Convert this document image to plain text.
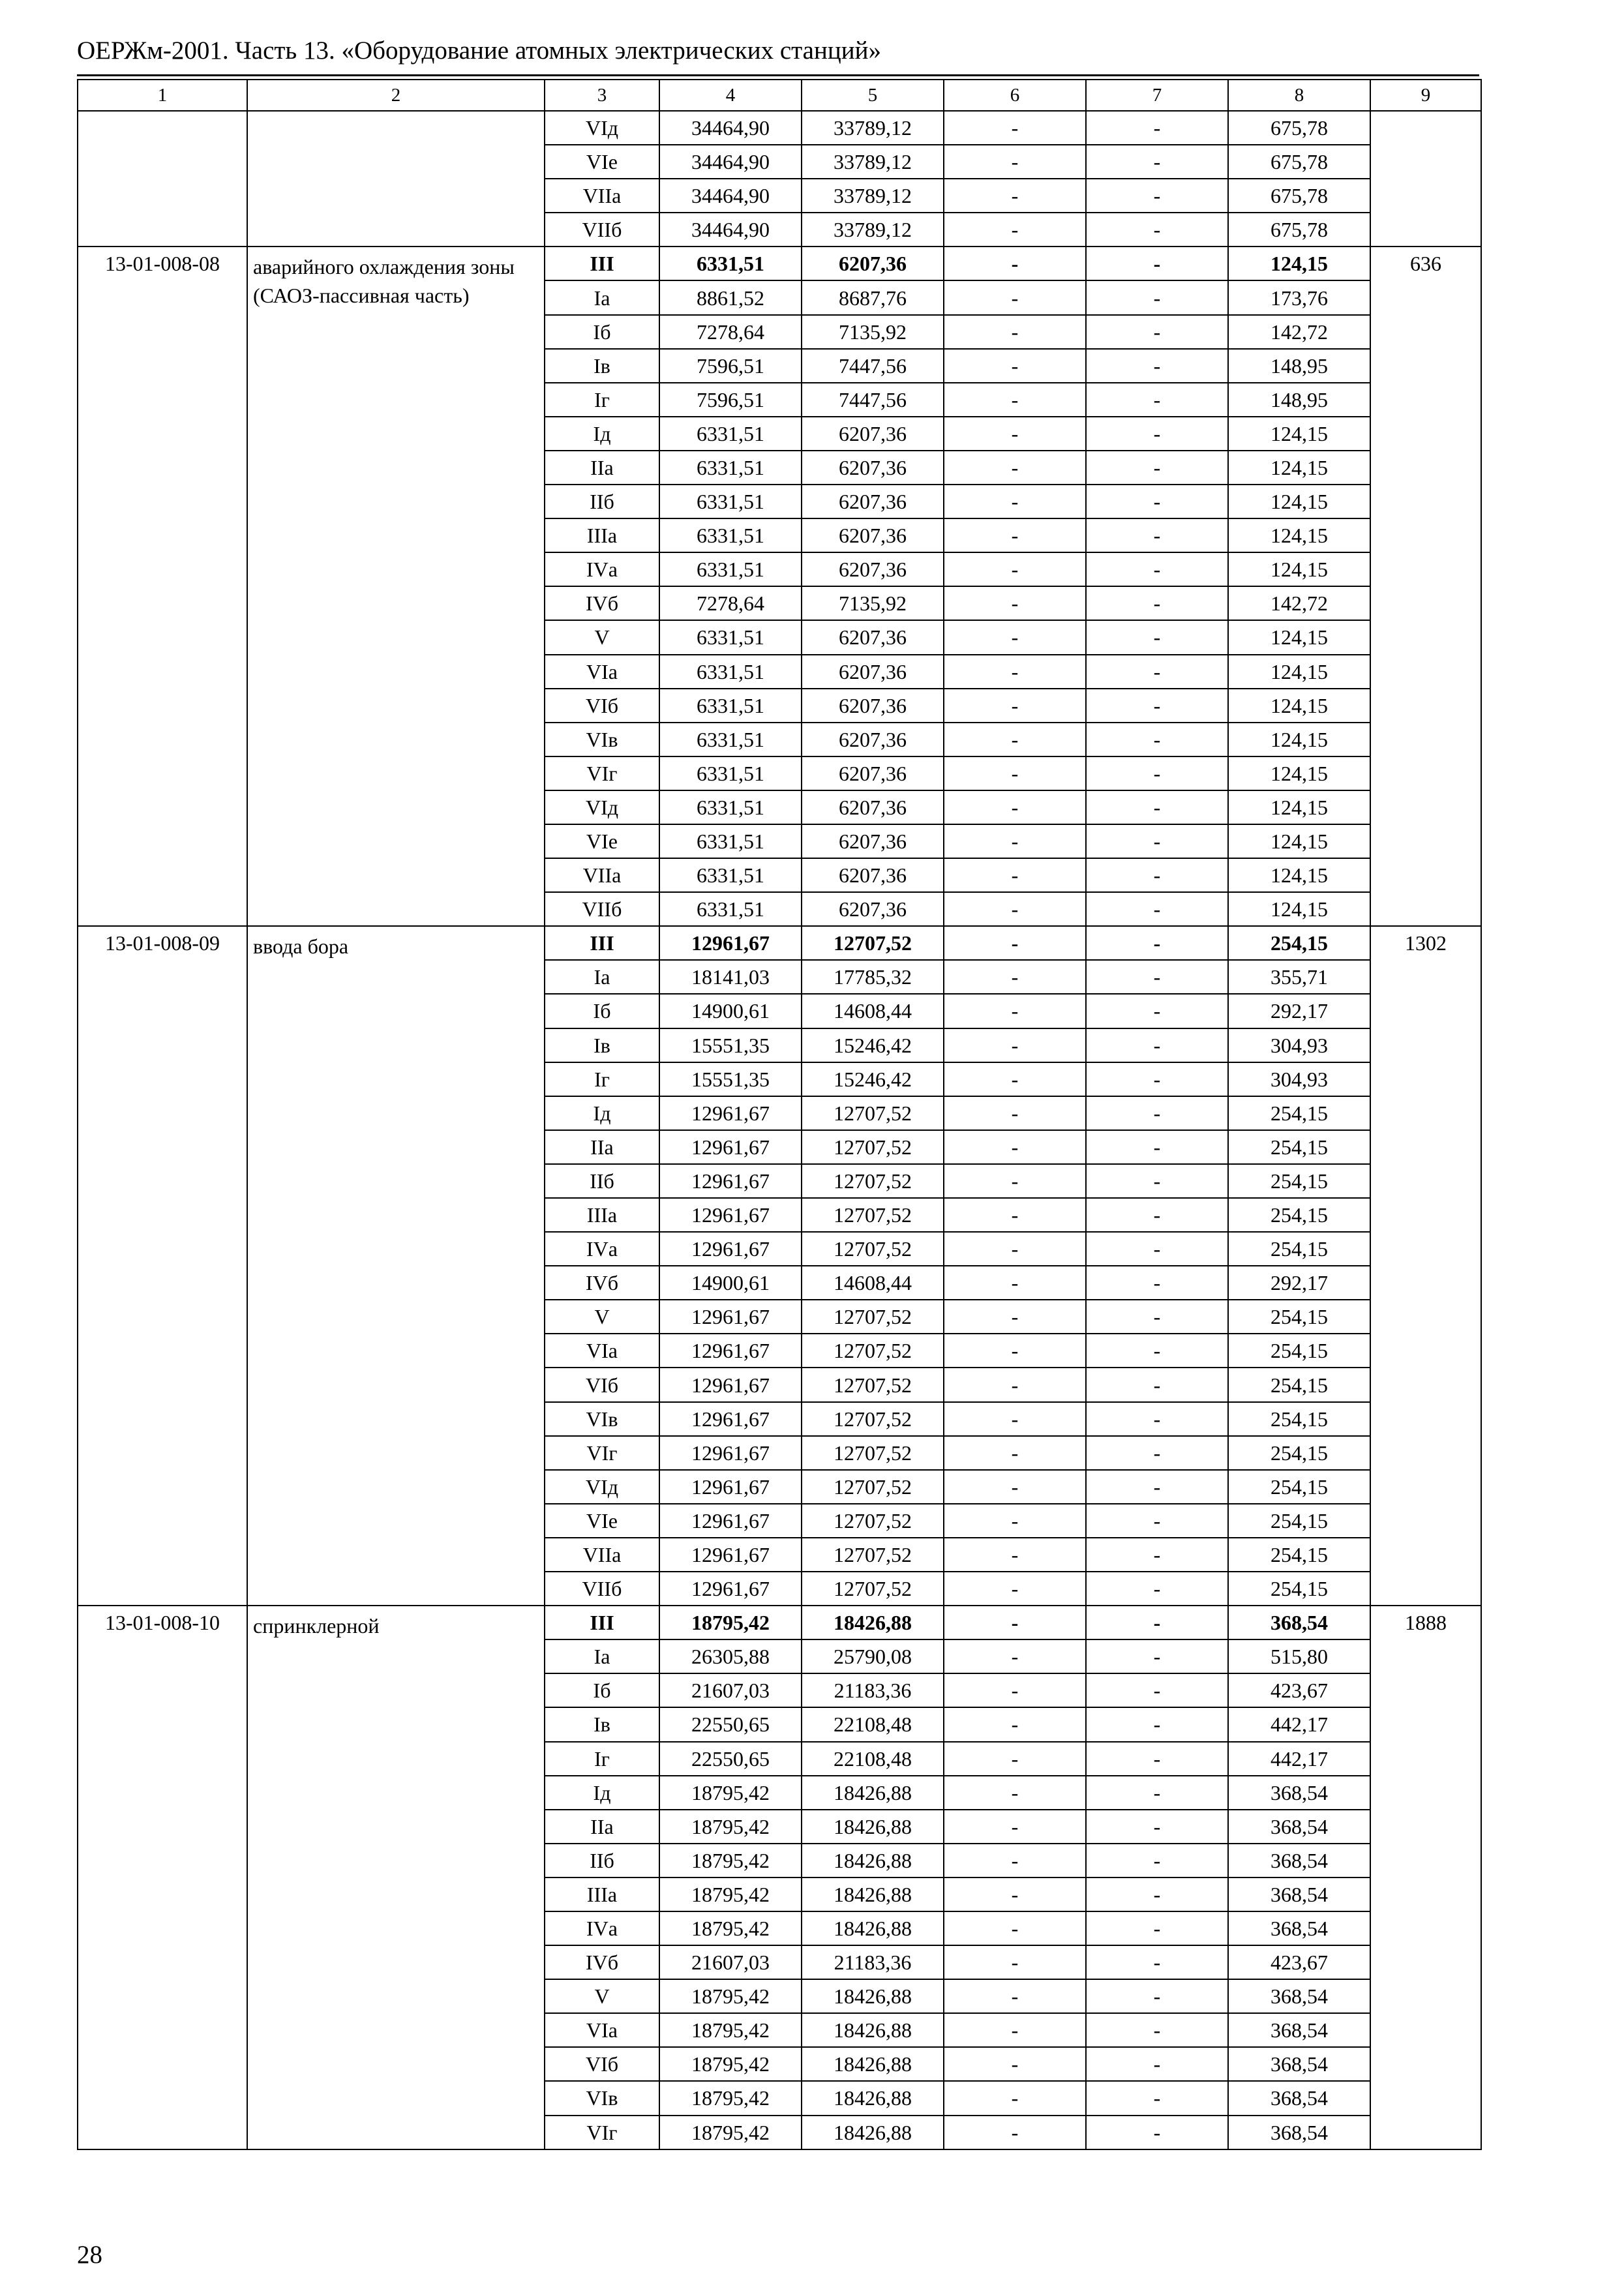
ОЕРЖм-2001. Часть 13. «Оборудование атомных электрических станций»
1	2	3	4	5	6	7	8	9
		VIд	34464,90	33789,12	-	-	675,78	
		VIе	34464,90	33789,12	-	-	675,78	
		VIIа	34464,90	33789,12	-	-	675,78	
		VIIб	34464,90	33789,12	-	-	675,78	
13-01-008-08	аварийного охлаждения зоны (САОЗ-пассивная часть)	III	6331,51	6207,36	-	-	124,15	636
		Iа	8861,52	8687,76	-	-	173,76	
		Iб	7278,64	7135,92	-	-	142,72	
		Iв	7596,51	7447,56	-	-	148,95	
		Iг	7596,51	7447,56	-	-	148,95	
		Iд	6331,51	6207,36	-	-	124,15	
		IIа	6331,51	6207,36	-	-	124,15	
		IIб	6331,51	6207,36	-	-	124,15	
		IIIа	6331,51	6207,36	-	-	124,15	
		IVа	6331,51	6207,36	-	-	124,15	
		IVб	7278,64	7135,92	-	-	142,72	
		V	6331,51	6207,36	-	-	124,15	
		VIа	6331,51	6207,36	-	-	124,15	
		VIб	6331,51	6207,36	-	-	124,15	
		VIв	6331,51	6207,36	-	-	124,15	
		VIг	6331,51	6207,36	-	-	124,15	
		VIд	6331,51	6207,36	-	-	124,15	
		VIе	6331,51	6207,36	-	-	124,15	
		VIIа	6331,51	6207,36	-	-	124,15	
		VIIб	6331,51	6207,36	-	-	124,15	
13-01-008-09	ввода бора	III	12961,67	12707,52	-	-	254,15	1302
		Iа	18141,03	17785,32	-	-	355,71	
		Iб	14900,61	14608,44	-	-	292,17	
		Iв	15551,35	15246,42	-	-	304,93	
		Iг	15551,35	15246,42	-	-	304,93	
		Iд	12961,67	12707,52	-	-	254,15	
		IIа	12961,67	12707,52	-	-	254,15	
		IIб	12961,67	12707,52	-	-	254,15	
		IIIа	12961,67	12707,52	-	-	254,15	
		IVа	12961,67	12707,52	-	-	254,15	
		IVб	14900,61	14608,44	-	-	292,17	
		V	12961,67	12707,52	-	-	254,15	
		VIа	12961,67	12707,52	-	-	254,15	
		VIб	12961,67	12707,52	-	-	254,15	
		VIв	12961,67	12707,52	-	-	254,15	
		VIг	12961,67	12707,52	-	-	254,15	
		VIд	12961,67	12707,52	-	-	254,15	
		VIе	12961,67	12707,52	-	-	254,15	
		VIIа	12961,67	12707,52	-	-	254,15	
		VIIб	12961,67	12707,52	-	-	254,15	
13-01-008-10	спринклерной	III	18795,42	18426,88	-	-	368,54	1888
		Iа	26305,88	25790,08	-	-	515,80	
		Iб	21607,03	21183,36	-	-	423,67	
		Iв	22550,65	22108,48	-	-	442,17	
		Iг	22550,65	22108,48	-	-	442,17	
		Iд	18795,42	18426,88	-	-	368,54	
		IIа	18795,42	18426,88	-	-	368,54	
		IIб	18795,42	18426,88	-	-	368,54	
		IIIа	18795,42	18426,88	-	-	368,54	
		IVа	18795,42	18426,88	-	-	368,54	
		IVб	21607,03	21183,36	-	-	423,67	
		V	18795,42	18426,88	-	-	368,54	
		VIа	18795,42	18426,88	-	-	368,54	
		VIб	18795,42	18426,88	-	-	368,54	
		VIв	18795,42	18426,88	-	-	368,54	
		VIг	18795,42	18426,88	-	-	368,54	
28
